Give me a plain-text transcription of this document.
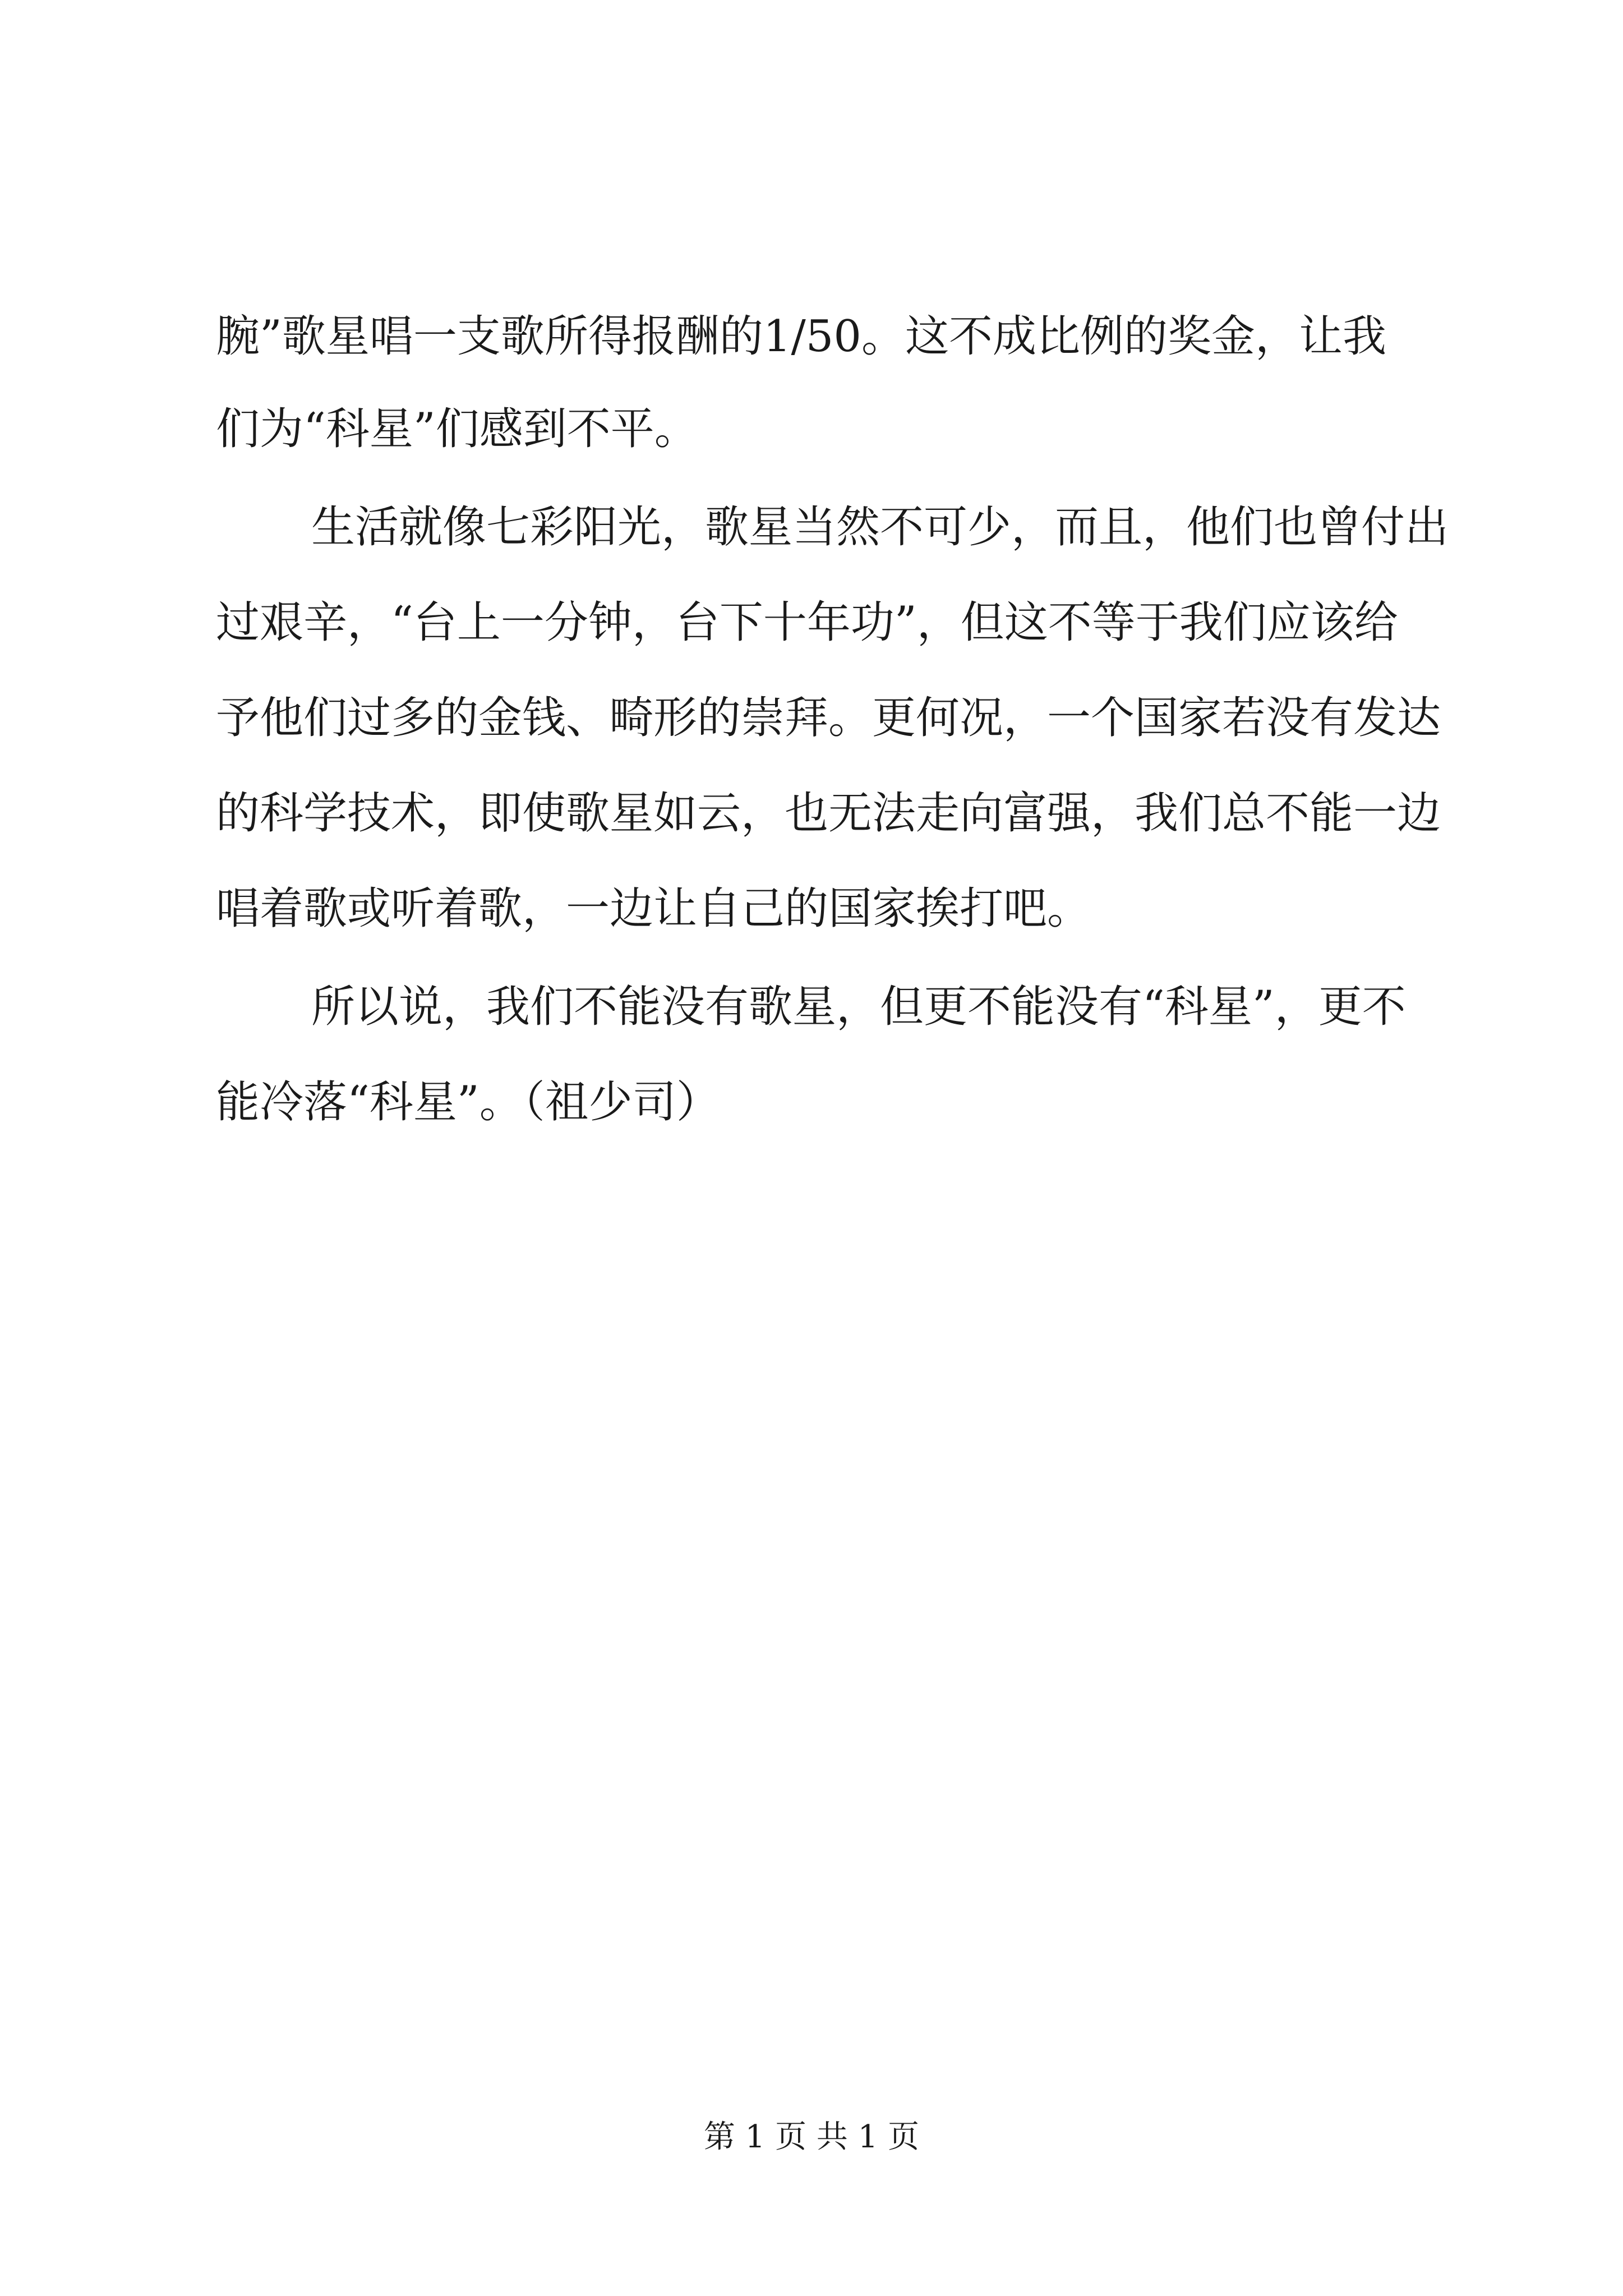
腕”歌星唱一支歌所得报酬的1/50。这不成比例的奖金，让我
们为“科星”们感到不平。
生活就像七彩阳光，歌星当然不可少，而且，他们也曾付出
过艰辛，“台上一分钟，台下十年功”，但这不等于我们应该给
予他们过多的金钱、畸形的崇拜。更何况，一个国家若没有发达
的科学技术，即使歌星如云，也无法走向富强，我们总不能一边
唱着歌或听着歌，一边让自己的国家挨打吧。
所以说，我们不能没有歌星，但更不能没有“科星”，更不
能冷落“科星”。（祖少司）
第 1 页 共 1 页
